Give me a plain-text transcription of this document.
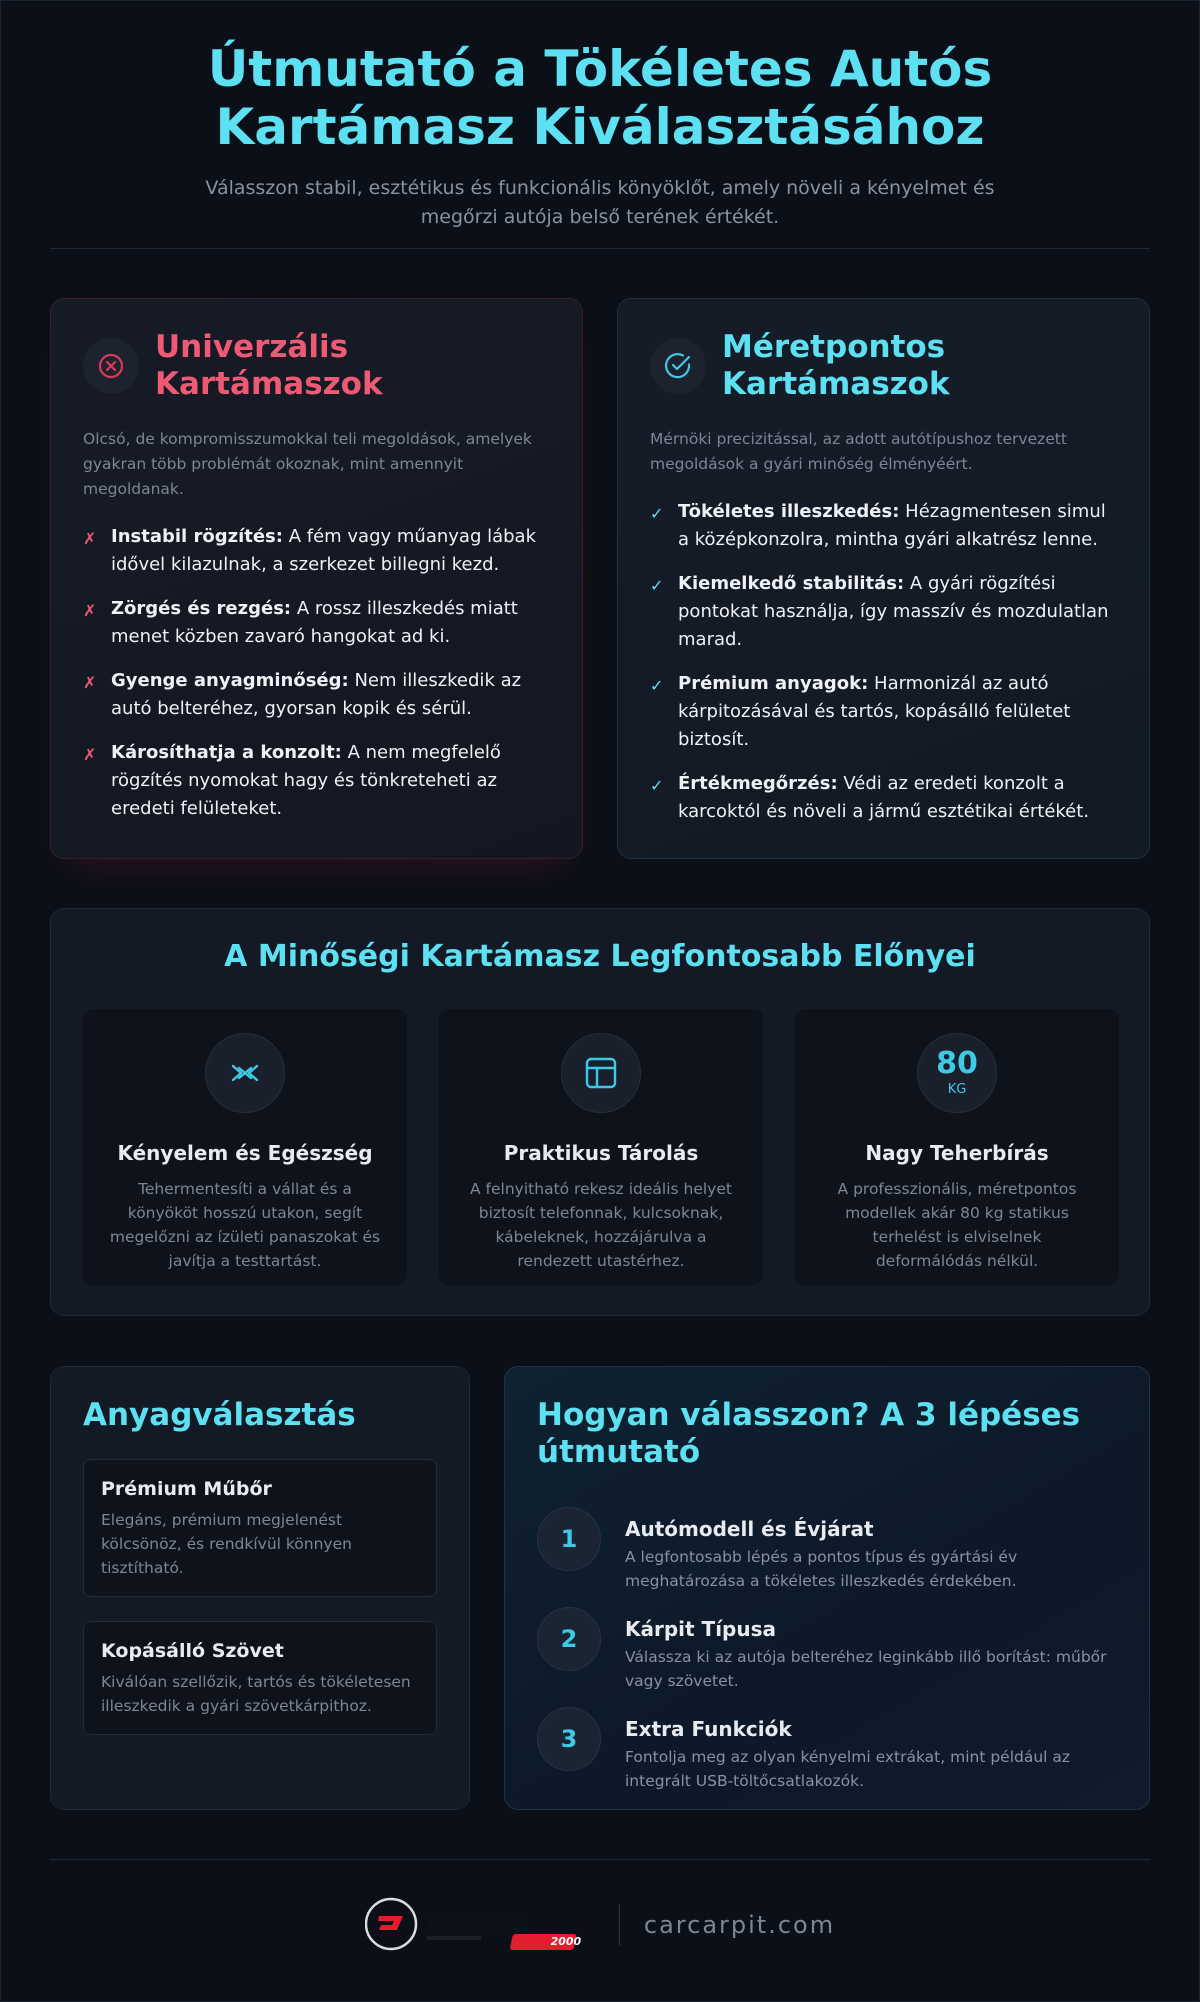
Útmutató a Tökéletes Autós Kartámasz Kiválasztásához
Válasszon stabil, esztétikus és funkcionális könyöklőt, amely növeli a kényelmet és megőrzi autója belső terének értékét.
Univerzális Kartámaszok
Olcsó, de kompromisszumokkal teli megoldások, amelyek gyakran több problémát okoznak, mint amennyit megoldanak.
✗ Instabil rögzítés: A fém vagy műanyag lábak idővel kilazulnak, a szerkezet billegni kezd.
✗ Zörgés és rezgés: A rossz illeszkedés miatt menet közben zavaró hangokat ad ki.
✗ Gyenge anyagminőség: Nem illeszkedik az autó belteréhez, gyorsan kopik és sérül.
✗ Károsíthatja a konzolt: A nem megfelelő rögzítés nyomokat hagy és tönkreteheti az eredeti felületeket.
Méretpontos Kartámaszok
Mérnöki precizitással, az adott autótípushoz tervezett megoldások a gyári minőség élményéért.
✓ Tökéletes illeszkedés: Hézagmentesen simul a középkonzolra, mintha gyári alkatrész lenne.
✓ Kiemelkedő stabilitás: A gyári rögzítési pontokat használja, így masszív és mozdulatlan marad.
✓ Prémium anyagok: Harmonizál az autó kárpitozásával és tartós, kopásálló felületet biztosít.
✓ Értékmegőrzés: Védi az eredeti konzolt a karcoktól és növeli a jármű esztétikai értékét.
A Minőségi Kartámasz Legfontosabb Előnyei
Kényelem és Egészség
Tehermentesíti a vállat és a könyököt hosszú utakon, segít megelőzni az ízületi panaszokat és javítja a testtartást.
Praktikus Tárolás
A felnyitható rekesz ideális helyet biztosít telefonnak, kulcsoknak, kábeleknek, hozzájárulva a rendezett utastérhez.
80
KG
Nagy Teherbírás
A professzionális, méretpontos modellek akár 80 kg statikus terhelést is elviselnek deformálódás nélkül.
Anyagválasztás
Prémium Műbőr
Elegáns, prémium megjelenést kölcsönöz, és rendkívül könnyen tisztítható.
Kopásálló Szövet
Kiválóan szellőzik, tartós és tökéletesen illeszkedik a gyári szövetkárpithoz.
Hogyan válasszon? A 3 lépéses útmutató
1	Autómodell és Évjárat
A legfontosabb lépés a pontos típus és gyártási év meghatározása a tökéletes illeszkedés érdekében.
2	Kárpit Típusa
Válassza ki az autója belteréhez leginkább illő borítást: műbőr vagy szövetet.
3	Extra Funkciók
Fontolja meg az olyan kényelmi extrákat, mint például az integrált USB-töltőcsatlakozók.
2000
carcarpit.com
